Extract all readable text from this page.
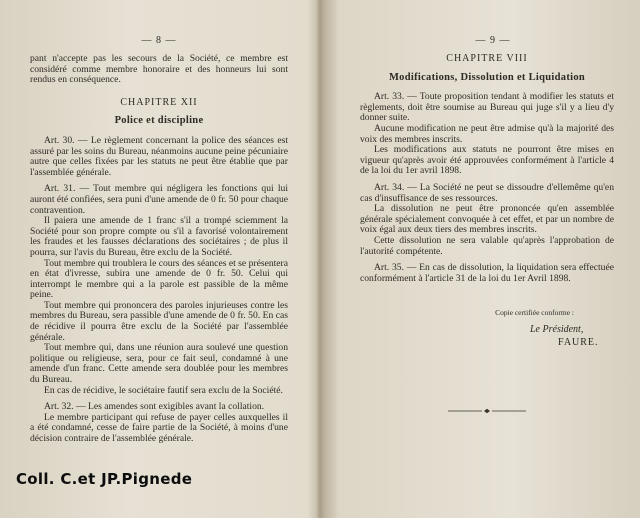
— 8 —

pant n'accepte pas les secours de la Société, ce membre est considéré comme membre honoraire et des honneurs lui sont rendus en conséquence.

CHAPITRE XII
Police et discipline

Art. 30. — Le règlement concernant la police des séances est assuré par les soins du Bureau, néanmoins aucune peine pécuniaire autre que celles fixées par les statuts ne peut être établie que par l'assemblée générale.

Art. 31. — Tout membre qui négligera les fonctions qui lui auront été confiées, sera puni d'une amende de 0 fr. 50 pour chaque contravention.

Il paiera une amende de 1 franc s'il a trompé sciemment la Société pour son propre compte ou s'il a favorisé volontairement les fraudes et les fausses déclarations des sociétaires ; de plus il pourra, sur l'avis du Bureau, être exclu de la Société.

Tout membre qui troublera le cours des séances et se présentera en état d'ivresse, subira une amende de 0 fr. 50. Celui qui interrompt le membre qui a la parole est passible de la même peine.

Tout membre qui prononcera des paroles injurieuses contre les membres du Bureau, sera passible d'une amende de 0 fr. 50. En cas de récidive il pourra être exclu de la Société par l'assemblée générale.

Tout membre qui, dans une réunion aura soulevé une question politique ou religieuse, sera, pour ce fait seul, condamné à une amende d'un franc. Cette amende sera doublée pour les membres du Bureau.

En cas de récidive, le sociétaire fautif sera exclu de la Société.

Art. 32. — Les amendes sont exigibles avant la collation.

Le membre participant qui refuse de payer celles auxquelles il a été condamné, cesse de faire partie de la Société, à moins d'une décision contraire de l'assemblée générale.

— 9 —
CHAPITRE VIII
Modifications, Dissolution et Liquidation

Art. 33. — Toute proposition tendant à modifier les statuts et règlements, doit être soumise au Bureau qui juge s'il y a lieu d'y donner suite.

Aucune modification ne peut être admise qu'à la majorité des voix des membres inscrits.

Les modifications aux statuts ne pourront être mises en vigueur qu'après avoir été approuvées conformément à l'article 4 de la loi du 1er avril 1898.

Art. 34. — La Société ne peut se dissoudre d'ellemême qu'en cas d'insuffisance de ses ressources.

La dissolution ne peut être prononcée qu'en assemblée générale spécialement convoquée à cet effet, et par un nombre de voix égal aux deux tiers des membres inscrits.

Cette dissolution ne sera valable qu'après l'approbation de l'autorité compétente.

Art. 35. — En cas de dissolution, la liquidation sera effectuée conformément à l'article 31 de la loi du 1er Avril 1898.

Copie certifiée conforme :
Le Président,
FAURE.
Coll. C.et JP.Pignede
